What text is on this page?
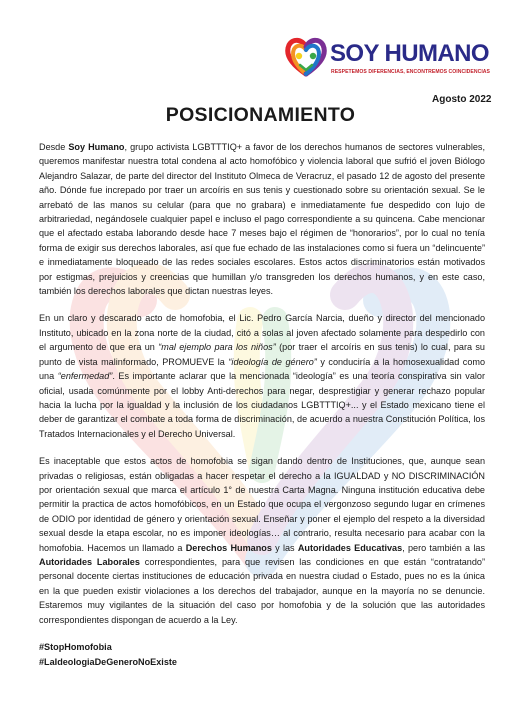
SOY HUMANO
RESPETEMOS DIFERENCIAS, ENCONTREMOS COINCIDENCIAS
Agosto 2022
POSICIONAMIENTO

Desde Soy Humano, grupo activista LGBTTTIQ+ a favor de los derechos humanos de sectores vulnerables, queremos manifestar nuestra total condena al acto homofóbico y violencia laboral que sufrió el joven Biólogo Alejandro Salazar, de parte del director del Instituto Olmeca de Veracruz, el pasado 12 de agosto del presente año. Dónde fue increpado por traer un arcoíris en sus tenis y cuestionado sobre su orientación sexual. Se le arrebató de las manos su celular (para que no grabara) e inmediatamente fue despedido con lujo de arbitrariedad, negándosele cualquier papel e incluso el pago correspondiente a su quincena. Cabe mencionar que el afectado estaba laborando desde hace 7 meses bajo el régimen de “honorarios”, por lo cual no tenía forma de exigir sus derechos laborales, así que fue echado de las instalaciones como si fuera un “delincuente” e inmediatamente bloqueado de las redes sociales escolares. Estos actos discriminatorios están motivados por estigmas, prejuicios y creencias que humillan y/o transgreden los derechos humanos, y en este caso, también los derechos laborales que dictan nuestras leyes.

En un claro y descarado acto de homofobia, el Lic. Pedro García Narcia, dueño y director del mencionado Instituto, ubicado en la zona norte de la ciudad, citó a solas al joven afectado solamente para despedirlo con el argumento de que era un “mal ejemplo para los niños” (por traer el arcoíris en sus tenis) lo cual, para su punto de vista malinformado, PROMUEVE la “ideología de género” y conduciría a la homosexualidad como una “enfermedad”. Es importante aclarar que la mencionada “ideología” es una teoría conspirativa sin valor oficial, usada comúnmente por el lobby Anti-derechos para negar, desprestigiar y generar rechazo popular hacia la lucha por la igualdad y la inclusión de los ciudadanos LGBTTTIQ+... y el Estado mexicano tiene el deber de garantizar el combate a toda forma de discriminación, de acuerdo a nuestra Constitución Política, los Tratados Internacionales y el Derecho Universal.

Es inaceptable que estos actos de homofobia se sigan dando dentro de Instituciones, que, aunque sean privadas o religiosas, están obligadas a hacer respetar el derecho a la IGUALDAD y NO DISCRIMINACIÓN por orientación sexual que marca el artículo 1° de nuestra Carta Magna. Ninguna institución educativa debe permitir la practica de actos homofóbicos, en un Estado que ocupa el vergonzoso segundo lugar en crímenes de ODIO por identidad de género y orientación sexual. Enseñar y poner el ejemplo del respeto a la diversidad sexual desde la etapa escolar, no es imponer ideologías… al contrario, resulta necesario para acabar con la homofobia. Hacemos un llamado a Derechos Humanos y las Autoridades Educativas, pero también a las Autoridades Laborales correspondientes, para que revisen las condiciones en que están “contratando” personal docente ciertas instituciones de educación privada en nuestra ciudad o Estado, pues no es la única en la que pueden existir violaciones a los derechos del trabajador, aunque en la mayoría no se denuncie. Estaremos muy vigilantes de la situación del caso por homofobia y de la solución que las autoridades correspondientes dispongan de acuerdo a la Ley.

#StopHomofobia
#LaIdeologiaDeGeneroNoExiste
